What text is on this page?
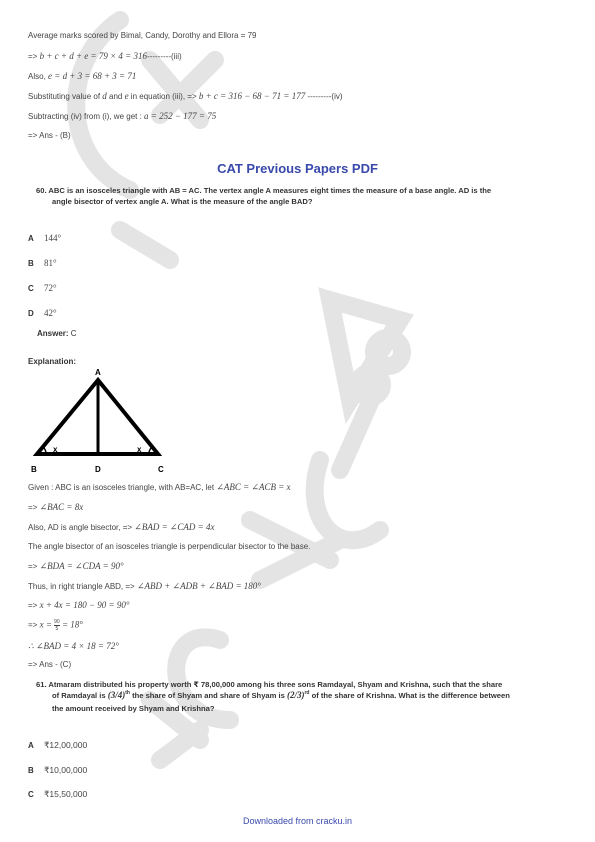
Average marks scored by Bimal, Candy, Dorothy and Ellora = 79
=> b + c + d + e = 79 × 4 = 316---------(iii)
Also, e = d + 3 = 68 + 3 = 71
Substituting value of d and e in equation (iii), => b + c = 316 − 68 − 71 = 177 ---------(iv)
Subtracting (iv) from (i), we get : a = 252 − 177 = 75
=> Ans - (B)
CAT Previous Papers PDF
60. ABC is an isosceles triangle with AB = AC. The vertex angle A measures eight times the measure of a base angle. AD is the
angle bisector of vertex angle A. What is the measure of the angle BAD?
A 144°
B 81°
C 72°
D 42°
Answer: C
Explanation:
A
B	D	C
x	x
Given : ABC is an isosceles triangle, with AB=AC, let ∠ABC = ∠ACB = x
=> ∠BAC = 8x
Also, AD is angle bisector, => ∠BAD = ∠CAD = 4x
The angle bisector of an isosceles triangle is perpendicular bisector to the base.
=> ∠BDA = ∠CDA = 90°
Thus, in right triangle ABD, => ∠ABD + ∠ADB + ∠BAD = 180°
=> x + 4x = 180 − 90 = 90°
=> $x = \frac{90}{5} = 18^\circ$
∴ ∠BAD = 4 × 18 = 72°
=> Ans - (C)
61. Atmaram distributed his property worth ₹ 78,00,000 among his three sons Ramdayal, Shyam and Krishna, such that the share
of Ramdayal is $(3/4)^{th}$ the share of Shyam and share of Shyam is $(2/3)^{rd}$ of the share of Krishna. What is the difference between
the amount received by Shyam and Krishna?
A ₹12,00,000
B ₹10,00,000
C ₹15,50,000
Downloaded from cracku.in
